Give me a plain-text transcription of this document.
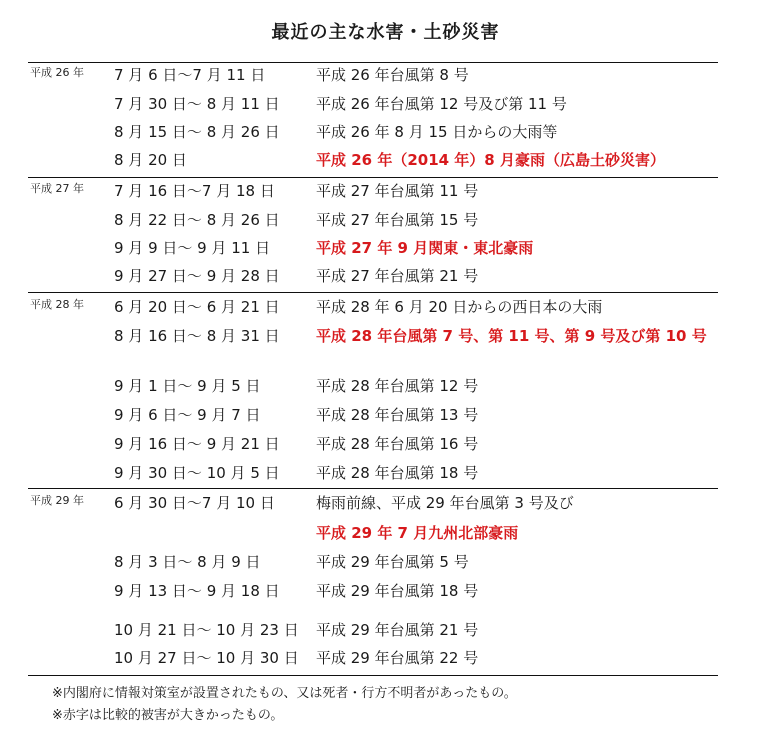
最近の主な水害・土砂災害
平成 26 年 7 月 6 日～7 月 11 日	平成 26 年台風第 8 号
7 月 30 日～ 8 月 11 日 平成 26 年台風第 12 号及び第 11 号
8 月 15 日～ 8 月 26 日 平成 26 年 8 月 15 日からの大雨等
8 月 20 日	平成 26 年（2014 年）8 月豪雨（広島土砂災害）
平成 27 年 7 月 16 日～7 月 18 日	平成 27 年台風第 11 号
8 月 22 日～ 8 月 26 日 平成 27 年台風第 15 号
9 月 9 日～ 9 月 11 日	平成 27 年 9 月関東・東北豪雨
9 月 27 日～ 9 月 28 日 平成 27 年台風第 21 号
平成 28 年 6 月 20 日～ 6 月 21 日 平成 28 年 6 月 20 日からの西日本の大雨
8 月 16 日～ 8 月 31 日 平成 28 年台風第 7 号、第 11 号、第 9 号及び第 10 号
9 月 1 日～ 9 月 5 日	平成 28 年台風第 12 号
9 月 6 日～ 9 月 7 日	平成 28 年台風第 13 号
9 月 16 日～ 9 月 21 日 平成 28 年台風第 16 号
9 月 30 日～ 10 月 5 日 平成 28 年台風第 18 号
平成 29 年 6 月 30 日～7 月 10 日	梅雨前線、平成 29 年台風第 3 号及び
平成 29 年 7 月九州北部豪雨
8 月 3 日～ 8 月 9 日	平成 29 年台風第 5 号
9 月 13 日～ 9 月 18 日 平成 29 年台風第 18 号
10 月 21 日～ 10 月 23 日 平成 29 年台風第 21 号
10 月 27 日～ 10 月 30 日 平成 29 年台風第 22 号
※内閣府に情報対策室が設置されたもの、又は死者・行方不明者があったもの。
※赤字は比較的被害が大きかったもの。
